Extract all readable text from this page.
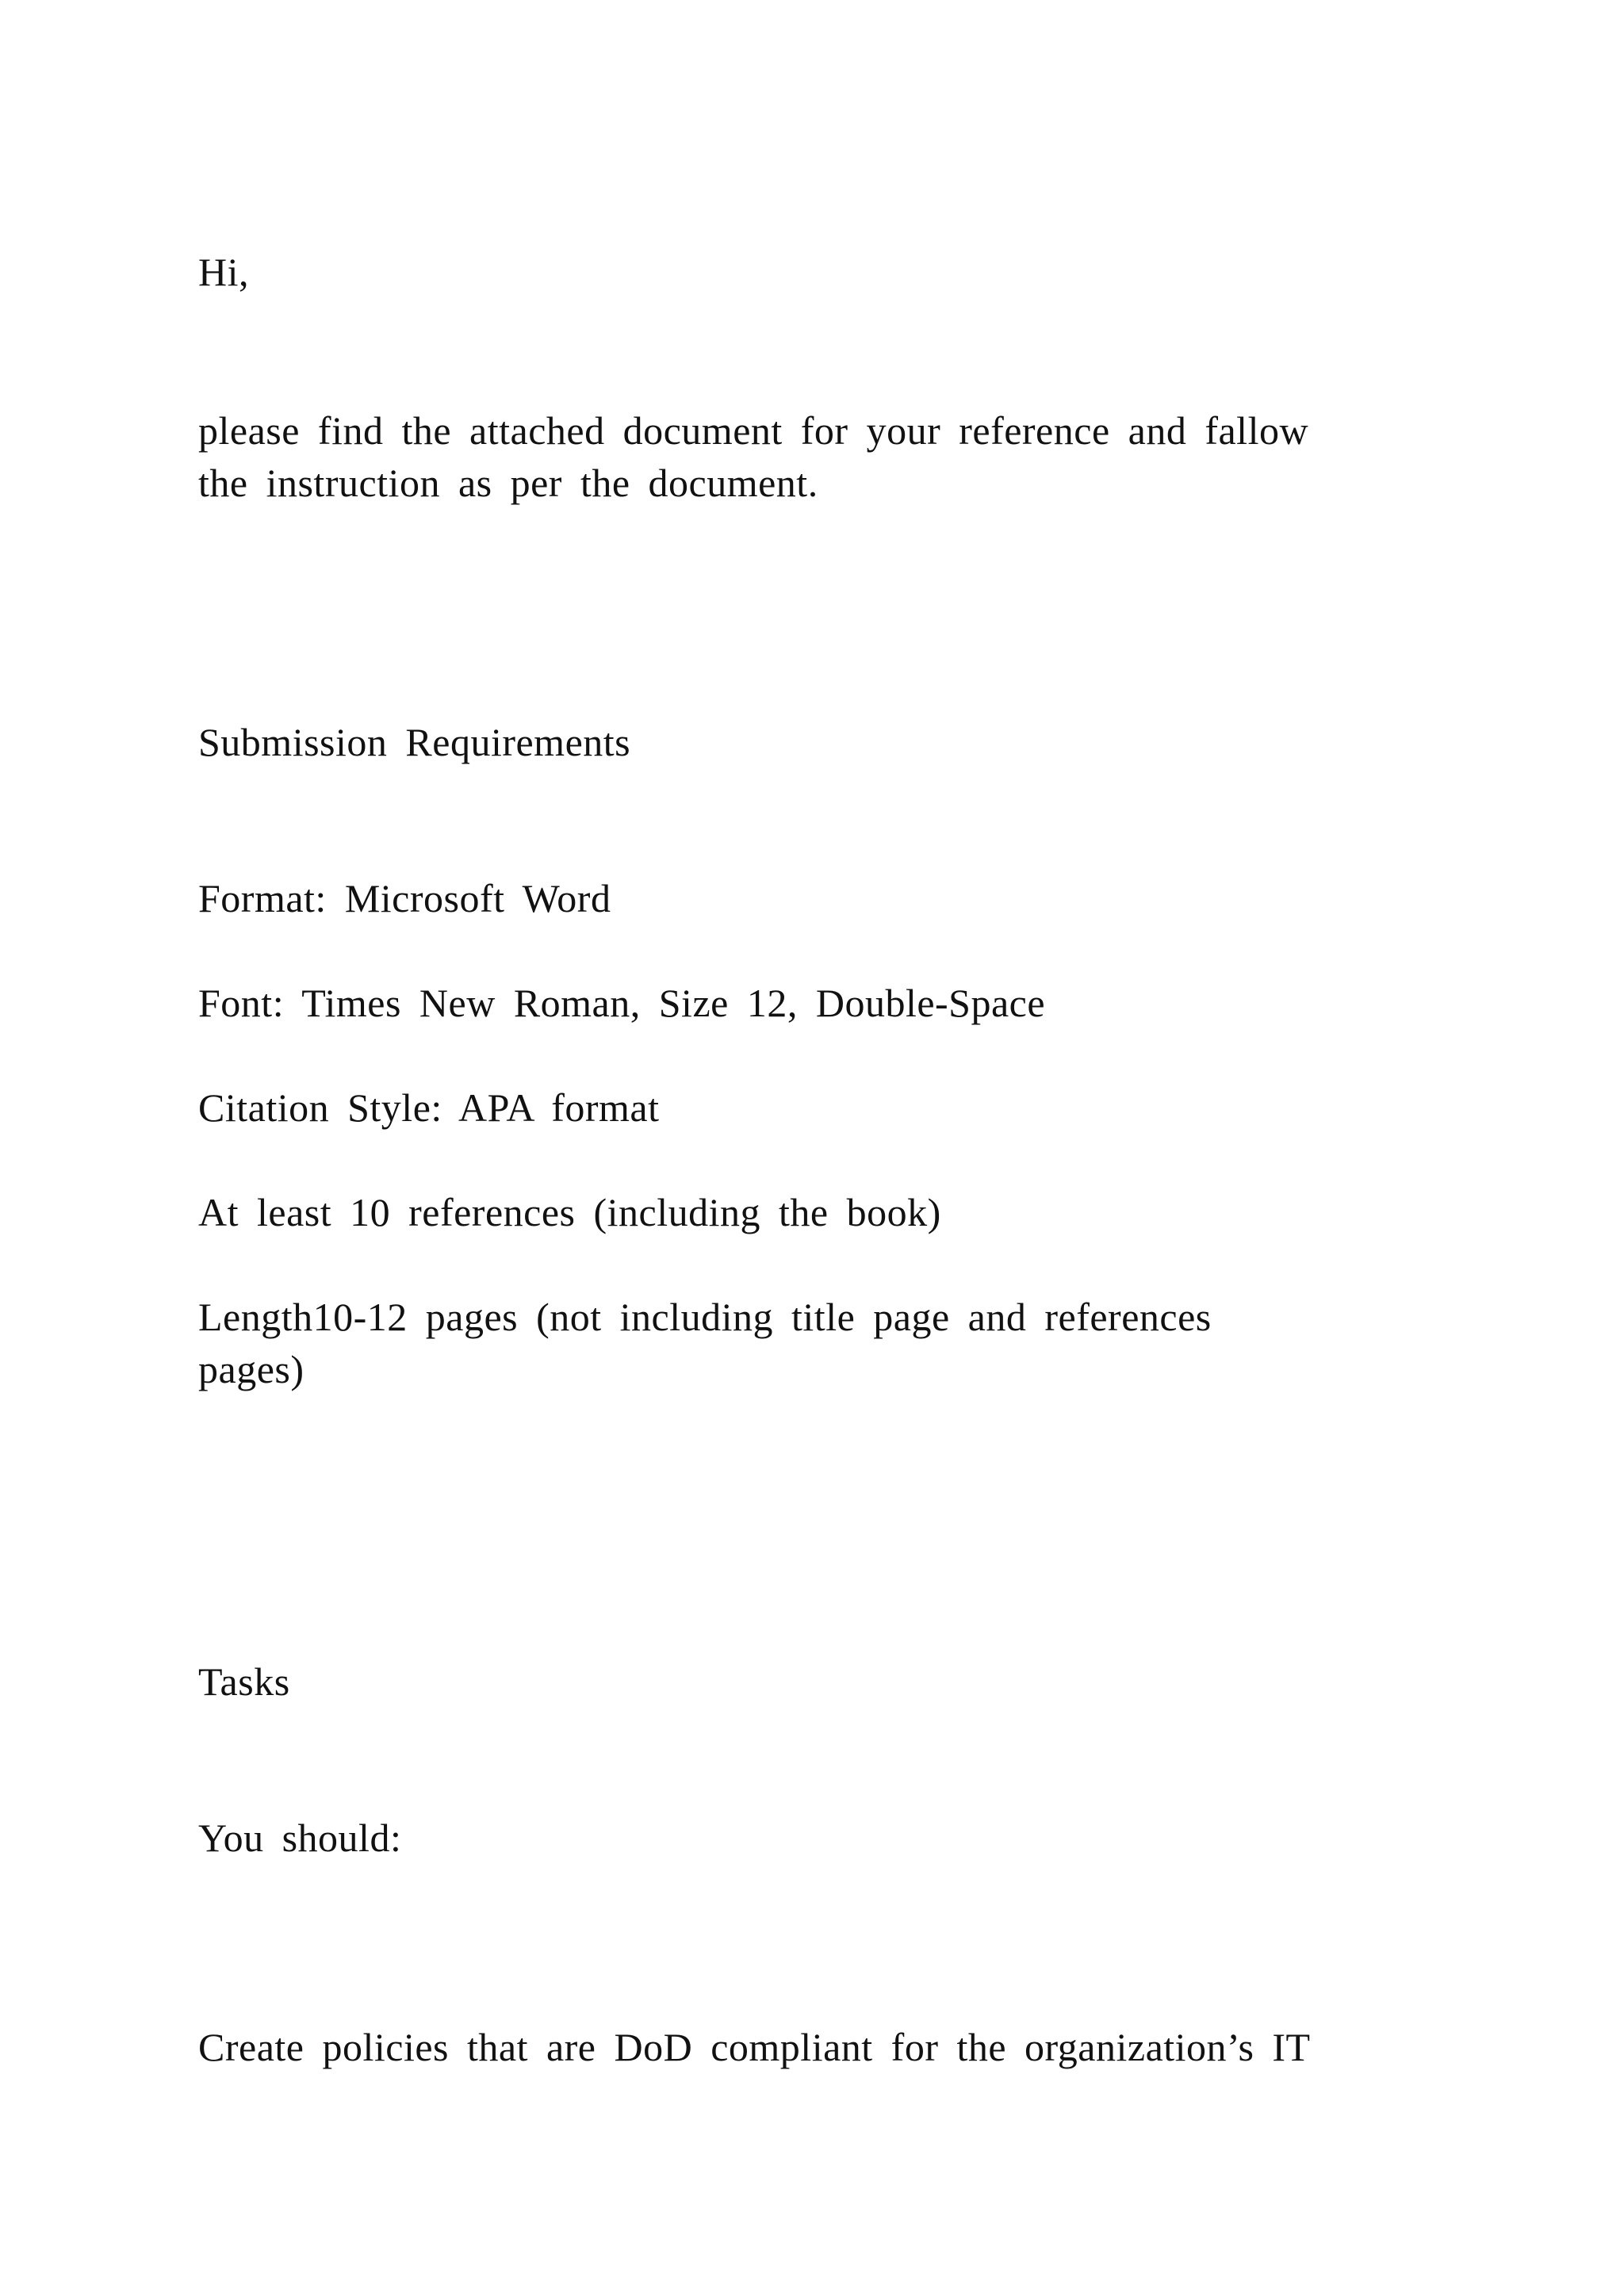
Hi,

please find the attached document for your reference and fallow

the instruction as per the document.

Submission Requirements

Format: Microsoft Word

Font: Times New Roman, Size 12, Double-Space

Citation Style: APA format

At least 10 references (including the book)

Length10-12 pages (not including title page and references

pages)

Tasks

You should:

Create policies that are DoD compliant for the organization’s IT
